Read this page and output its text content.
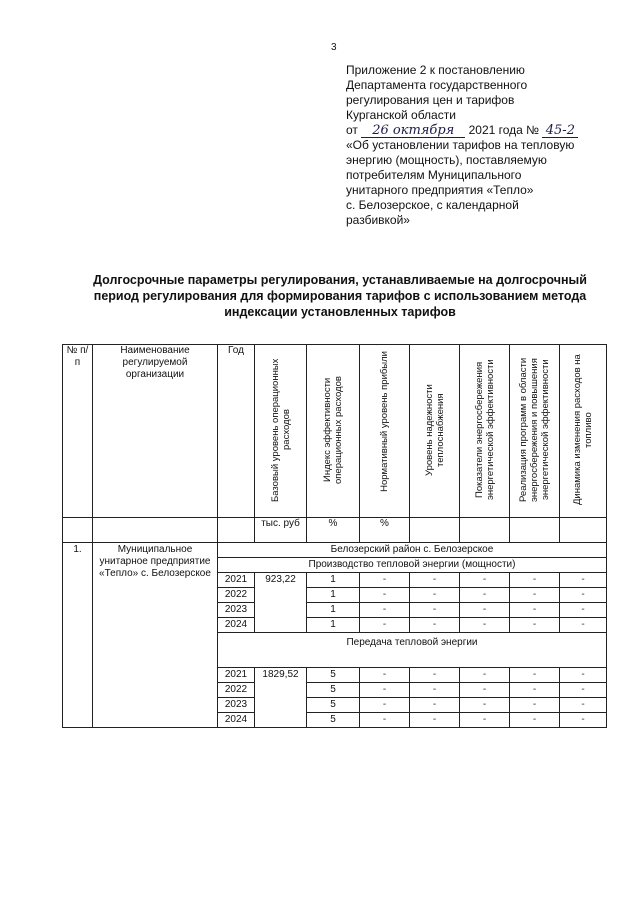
3
Приложение 2 к постановлению
Департамента государственного
регулирования цен и тарифов
Курганской области
от 26 октября 2021 года № 45-2
«Об установлении тарифов на тепловую
энергию (мощность), поставляемую
потребителям Муниципального
унитарного предприятия «Тепло»
с. Белозерское, с календарной
разбивкой»
Долгосрочные параметры регулирования, устанавливаемые на долгосрочный
период регулирования для формирования тарифов с использованием метода
индексации установленных тарифов
№ п/п	Наименование регулируемой организации	Год	Базовый уровень операционных расходов	Индекс эффективности операционных расходов	Нормативный уровень прибыли	Уровень надежности теплоснабжения	Показатели энергосбережения энергетической эффективности	Реализация программ в области энергосбережения и повышения энергетической эффективности	Динамика изменения расходов на топливо
			тыс. руб	%	%				
1.	Муниципальное унитарное предприятие «Тепло» с. Белозерское	Белозерский район с. Белозерское							
		Производство тепловой энергии (мощности)							
		2021	923,22	1	-	-	-	-	-
		2022		1	-	-	-	-	-
		2023		1	-	-	-	-	-
		2024		1	-	-	-	-	-
		Передача тепловой энергии							
		2021	1829,52	5	-	-	-	-	-
		2022		5	-	-	-	-	-
		2023		5	-	-	-	-	-
		2024		5	-	-	-	-	-
